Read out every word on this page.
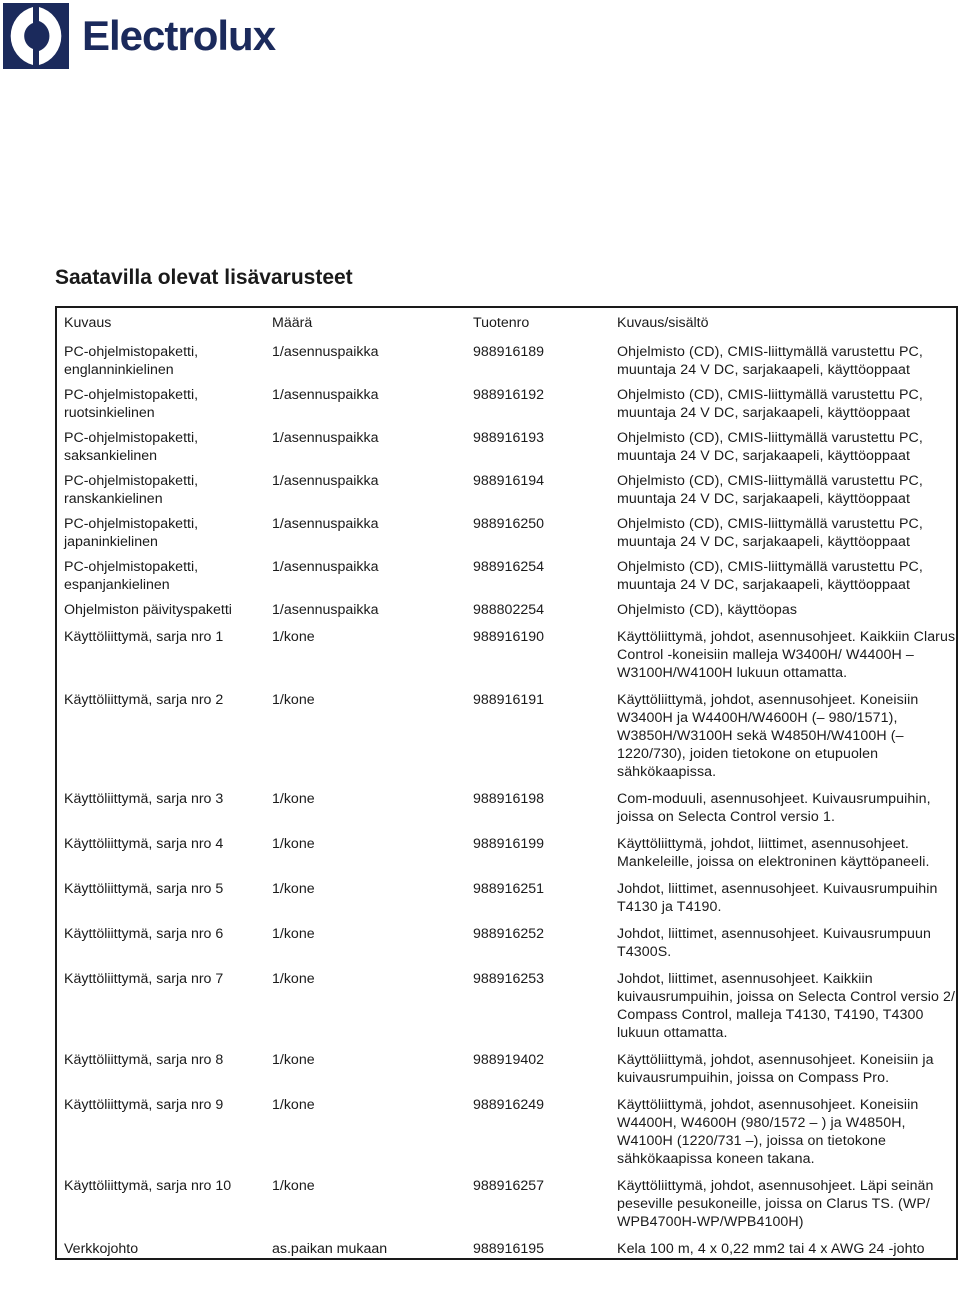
Electrolux
Saatavilla olevat lisävarusteet
Kuvaus	Määrä	Tuotenro	Kuvaus/sisältö
PC-ohjelmistopaketti, englanninkielinen	1/asennuspaikka	988916189	Ohjelmisto (CD), CMIS-liittymällä varustettu PC, muuntaja 24 V DC, sarjakaapeli, käyttöoppaat
PC-ohjelmistopaketti, ruotsinkielinen	1/asennuspaikka	988916192	Ohjelmisto (CD), CMIS-liittymällä varustettu PC, muuntaja 24 V DC, sarjakaapeli, käyttöoppaat
PC-ohjelmistopaketti, saksankielinen	1/asennuspaikka	988916193	Ohjelmisto (CD), CMIS-liittymällä varustettu PC, muuntaja 24 V DC, sarjakaapeli, käyttöoppaat
PC-ohjelmistopaketti, ranskankielinen	1/asennuspaikka	988916194	Ohjelmisto (CD), CMIS-liittymällä varustettu PC, muuntaja 24 V DC, sarjakaapeli, käyttöoppaat
PC-ohjelmistopaketti, japaninkielinen	1/asennuspaikka	988916250	Ohjelmisto (CD), CMIS-liittymällä varustettu PC, muuntaja 24 V DC, sarjakaapeli, käyttöoppaat
PC-ohjelmistopaketti, espanjankielinen	1/asennuspaikka	988916254	Ohjelmisto (CD), CMIS-liittymällä varustettu PC, muuntaja 24 V DC, sarjakaapeli, käyttöoppaat
Ohjelmiston päivityspaketti	1/asennuspaikka	988802254	Ohjelmisto (CD), käyttöopas
Käyttöliittymä, sarja nro 1	1/kone	988916190	Käyttöliittymä, johdot, asennusohjeet. Kaikkiin Clarus Control -koneisiin malleja W3400H/ W4400H – W3100H/W4100H lukuun ottamatta.
Käyttöliittymä, sarja nro 2	1/kone	988916191	Käyttöliittymä, johdot, asennusohjeet. Koneisiin W3400H ja W4400H/W4600H (– 980/1571), W3850H/W3100H sekä W4850H/W4100H (– 1220/730), joiden tietokone on etupuolen sähkökaapissa.
Käyttöliittymä, sarja nro 3	1/kone	988916198	Com-moduuli, asennusohjeet. Kuivausrumpuihin, joissa on Selecta Control versio 1.
Käyttöliittymä, sarja nro 4	1/kone	988916199	Käyttöliittymä, johdot, liittimet, asennusohjeet. Mankeleille, joissa on elektroninen käyttöpaneeli.
Käyttöliittymä, sarja nro 5	1/kone	988916251	Johdot, liittimet, asennusohjeet. Kuivausrumpuihin T4130 ja T4190.
Käyttöliittymä, sarja nro 6	1/kone	988916252	Johdot, liittimet, asennusohjeet. Kuivausrumpuun T4300S.
Käyttöliittymä, sarja nro 7	1/kone	988916253	Johdot, liittimet, asennusohjeet. Kaikkiin kuivausrumpuihin, joissa on Selecta Control versio 2/ Compass Control, malleja T4130, T4190, T4300 lukuun ottamatta.
Käyttöliittymä, sarja nro 8	1/kone	988919402	Käyttöliittymä, johdot, asennusohjeet. Koneisiin ja kuivausrumpuihin, joissa on Compass Pro.
Käyttöliittymä, sarja nro 9	1/kone	988916249	Käyttöliittymä, johdot, asennusohjeet. Koneisiin W4400H, W4600H (980/1572 – ) ja W4850H, W4100H (1220/731 –), joissa on tietokone sähkökaapissa koneen takana.
Käyttöliittymä, sarja nro 10	1/kone	988916257	Käyttöliittymä, johdot, asennusohjeet. Läpi seinän peseville pesukoneille, joissa on Clarus TS. (WP/ WPB4700H-WP/WPB4100H)
Verkkojohto	as.paikan mukaan	988916195	Kela 100 m, 4 x 0,22 mm2 tai 4 x AWG 24 -johto
